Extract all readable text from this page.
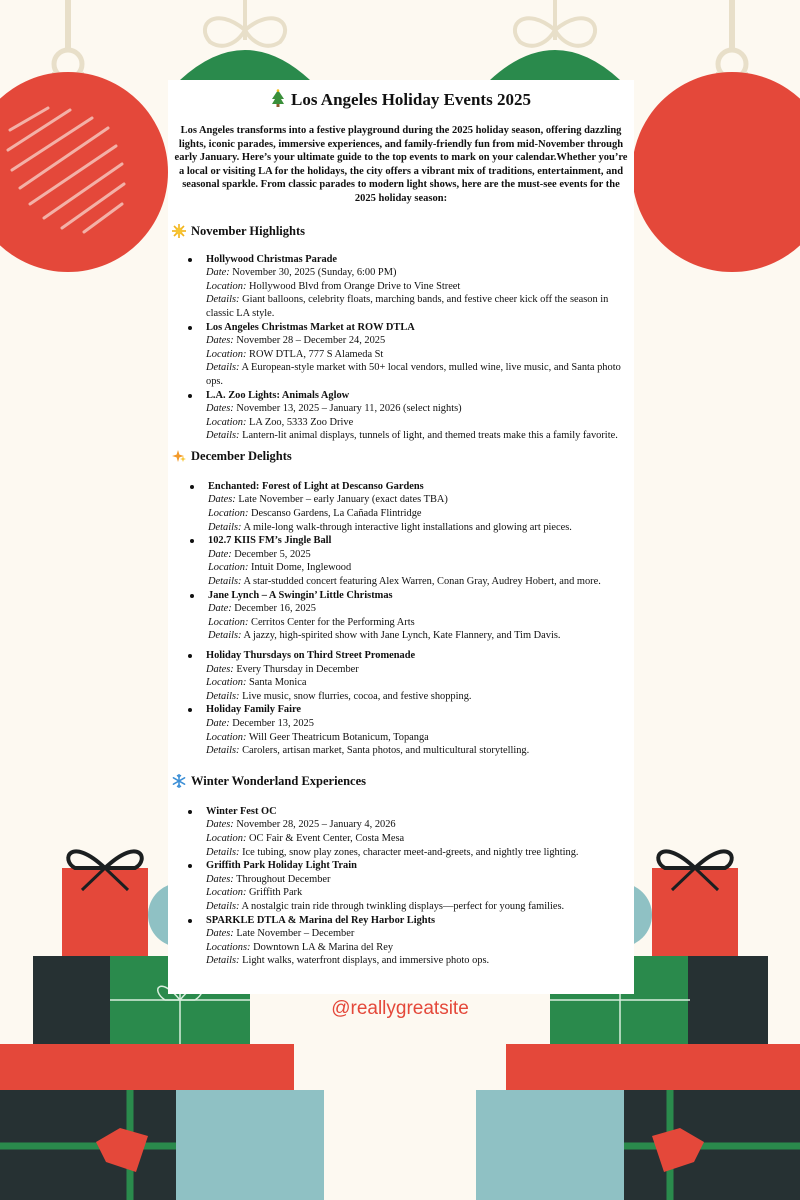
Los Angeles Holiday Events 2025

Los Angeles transforms into a festive playground during the 2025 holiday season, offering dazzling lights, iconic parades, immersive experiences, and family-friendly fun from mid-November through early January. Here’s your ultimate guide to the top events to mark on your calendar.Whether you’re a local or visiting LA for the holidays, the city offers a vibrant mix of traditions, entertainment, and seasonal sparkle. From classic parades to modern light shows, here are the must-see events for the 2025 holiday season:

November Highlights
Hollywood Christmas Parade
Date: November 30, 2025 (Sunday, 6:00 PM)
Location: Hollywood Blvd from Orange Drive to Vine Street
Details: Giant balloons, celebrity floats, marching bands, and festive cheer kick off the season in classic LA style.
Los Angeles Christmas Market at ROW DTLA
Dates: November 28 – December 24, 2025
Location: ROW DTLA, 777 S Alameda St
Details: A European-style market with 50+ local vendors, mulled wine, live music, and Santa photo ops.
L.A. Zoo Lights: Animals Aglow
Dates: November 13, 2025 – January 11, 2026 (select nights)
Location: LA Zoo, 5333 Zoo Drive
Details: Lantern-lit animal displays, tunnels of light, and themed treats make this a family favorite.
December Delights
Enchanted: Forest of Light at Descanso Gardens
Dates: Late November – early January (exact dates TBA)
Location: Descanso Gardens, La Cañada Flintridge
Details: A mile-long walk-through interactive light installations and glowing art pieces.
102.7 KIIS FM’s Jingle Ball
Date: December 5, 2025
Location: Intuit Dome, Inglewood
Details: A star-studded concert featuring Alex Warren, Conan Gray, Audrey Hobert, and more.
Jane Lynch – A Swingin’ Little Christmas
Date: December 16, 2025
Location: Cerritos Center for the Performing Arts
Details: A jazzy, high-spirited show with Jane Lynch, Kate Flannery, and Tim Davis.
Holiday Thursdays on Third Street Promenade
Dates: Every Thursday in December
Location: Santa Monica
Details: Live music, snow flurries, cocoa, and festive shopping.
Holiday Family Faire
Date: December 13, 2025
Location: Will Geer Theatricum Botanicum, Topanga
Details: Carolers, artisan market, Santa photos, and multicultural storytelling.
Winter Wonderland Experiences
Winter Fest OC
Dates: November 28, 2025 – January 4, 2026
Location: OC Fair & Event Center, Costa Mesa
Details: Ice tubing, snow play zones, character meet-and-greets, and nightly tree lighting.
Griffith Park Holiday Light Train
Dates: Throughout December
Location: Griffith Park
Details: A nostalgic train ride through twinkling displays—perfect for young families.
SPARKLE DTLA & Marina del Rey Harbor Lights
Dates: Late November – December
Locations: Downtown LA & Marina del Rey
Details: Light walks, waterfront displays, and immersive photo ops.
@reallygreatsite
